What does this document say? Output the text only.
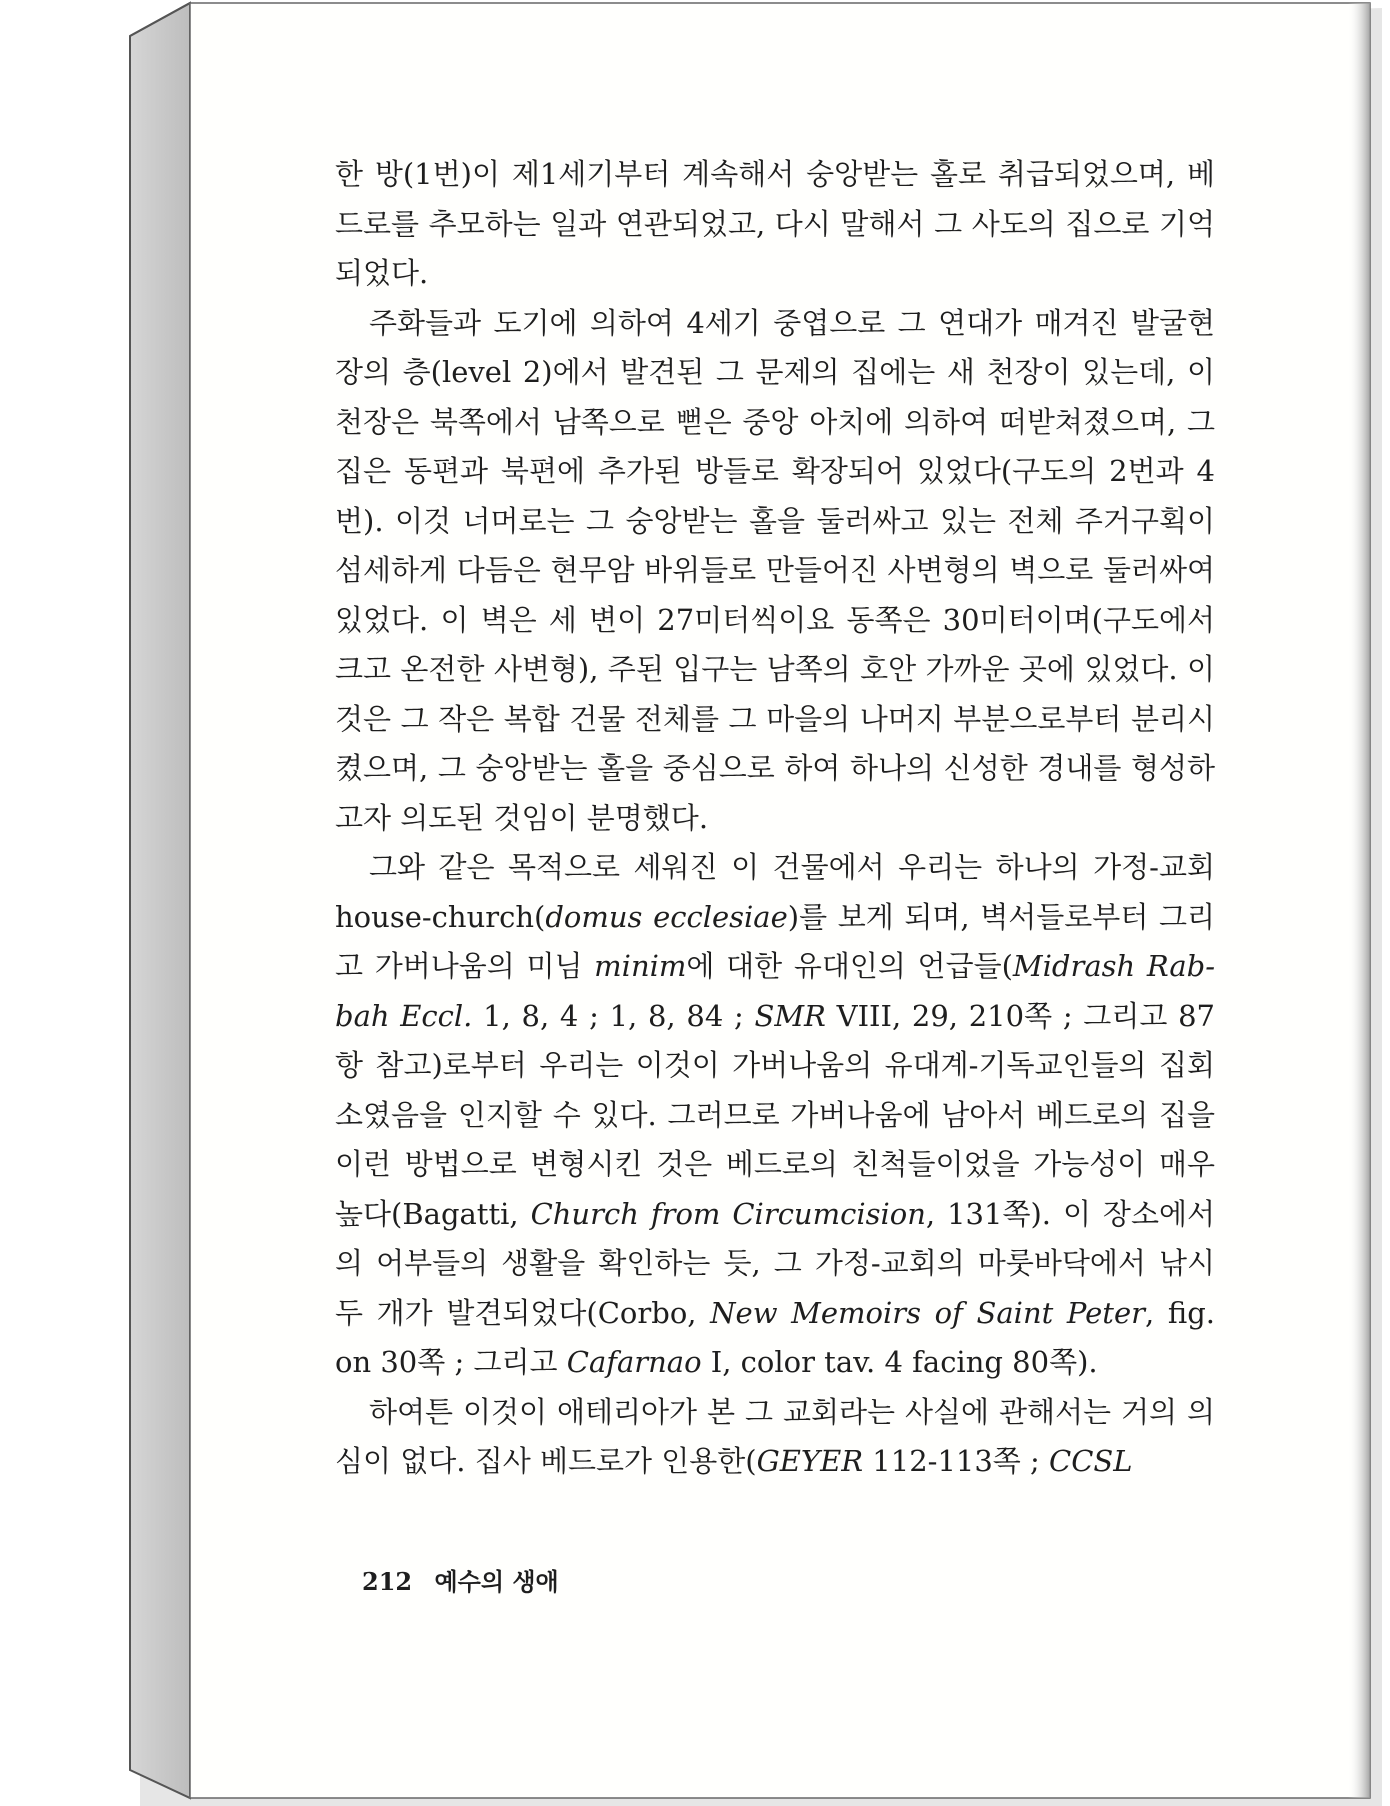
한 방(1번)이 제1세기부터 계속해서 숭앙받는 홀로 취급되었으며, 베드로를 추모하는 일과 연관되었고, 다시 말해서 그 사도의 집으로 기억되었다.

주화들과 도기에 의하여 4세기 중엽으로 그 연대가 매겨진 발굴현장의 층(level 2)에서 발견된 그 문제의 집에는 새 천장이 있는데, 이 천장은 북쪽에서 남쪽으로 뻗은 중앙 아치에 의하여 떠받쳐졌으며, 그 집은 동편과 북편에 추가된 방들로 확장되어 있었다(구도의 2번과 4번). 이것 너머로는 그 숭앙받는 홀을 둘러싸고 있는 전체 주거구획이 섬세하게 다듬은 현무암 바위들로 만들어진 사변형의 벽으로 둘러싸여 있었다. 이 벽은 세 변이 27미터씩이요 동쪽은 30미터이며(구도에서 크고 온전한 사변형), 주된 입구는 남쪽의 호안 가까운 곳에 있었다. 이것은 그 작은 복합 건물 전체를 그 마을의 나머지 부분으로부터 분리시켰으며, 그 숭앙받는 홀을 중심으로 하여 하나의 신성한 경내를 형성하고자 의도된 것임이 분명했다.

그와 같은 목적으로 세워진 이 건물에서 우리는 하나의 가정-교회 house-church(domus ecclesiae)를 보게 되며, 벽서들로부터 그리고 가버나움의 미님 minim에 대한 유대인의 언급들(Midrash Rab-bah Eccl. 1, 8, 4 ; 1, 8, 84 ; SMR VIII, 29, 210쪽 ; 그리고 87항 참고)로부터 우리는 이것이 가버나움의 유대계-기독교인들의 집회소였음을 인지할 수 있다. 그러므로 가버나움에 남아서 베드로의 집을 이런 방법으로 변형시킨 것은 베드로의 친척들이었을 가능성이 매우 높다(Bagatti, Church from Circumcision, 131쪽). 이 장소에서의 어부들의 생활을 확인하는 듯, 그 가정-교회의 마룻바닥에서 낚시 두 개가 발견되었다(Corbo, New Memoirs of Saint Peter, fig. on 30쪽 ; 그리고 Cafarnao I, color tav. 4 facing 80쪽).

하여튼 이것이 애테리아가 본 그 교회라는 사실에 관해서는 거의 의심이 없다. 집사 베드로가 인용한(GEYER 112-113쪽 ; CCSL

212 예수의 생애
